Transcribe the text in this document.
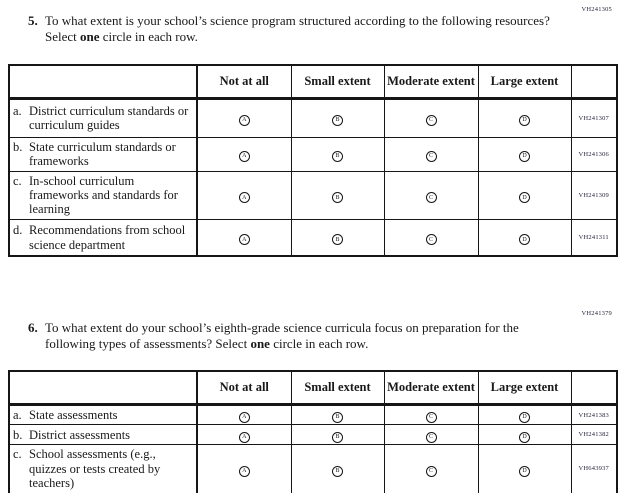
VH241305

5. To what extent is your school’s science program structured according to the following resources? Select one circle in each row.

	Not at all	Small extent	Moderate extent	Large extent	

a. District curriculum standards or curriculum guides	A	B	C	D	VH241307

b. State curriculum standards or frameworks	A	B	C	D	VH241306

c. In-school curriculum frameworks and standards for learning	A	B	C	D	VH241309

d. Recommendations from school science department	A	B	C	D	VH241311
VH241379

6. To what extent do your school’s eighth-grade science curricula focus on preparation for the following types of assessments? Select one circle in each row.

	Not at all	Small extent	Moderate extent	Large extent	

a. State assessments	A	B	C	D	VH241383

b. District assessments	A	B	C	D	VH241382

c. School assessments (e.g., quizzes or tests created by teachers)	A	B	C	D	VH643937
